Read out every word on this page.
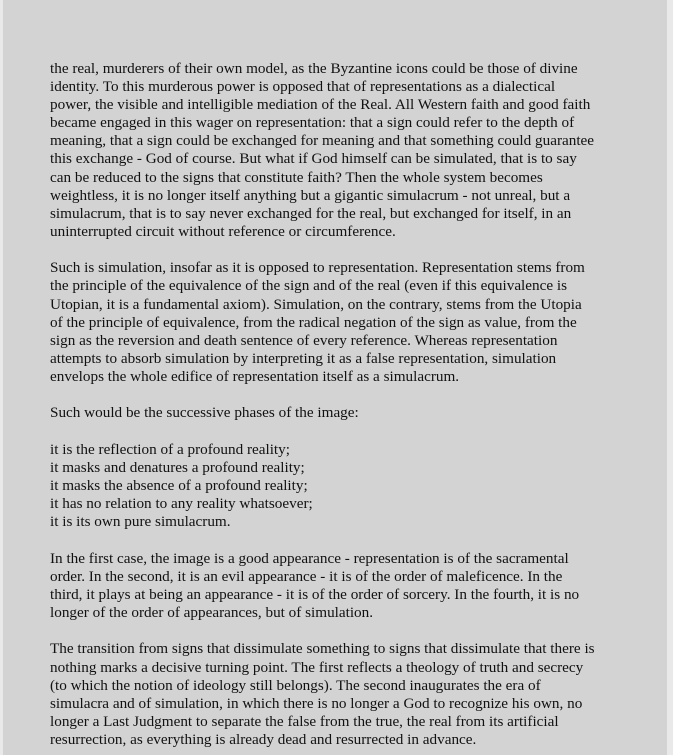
the real, murderers of their own model, as the Byzantine icons could be those of divine
identity. To this murderous power is opposed that of representations as a dialectical
power, the visible and intelligible mediation of the Real. All Western faith and good faith
became engaged in this wager on representation: that a sign could refer to the depth of
meaning, that a sign could be exchanged for meaning and that something could guarantee
this exchange - God of course. But what if God himself can be simulated, that is to say
can be reduced to the signs that constitute faith? Then the whole system becomes
weightless, it is no longer itself anything but a gigantic simulacrum - not unreal, but a
simulacrum, that is to say never exchanged for the real, but exchanged for itself, in an
uninterrupted circuit without reference or circumference.

Such is simulation, insofar as it is opposed to representation. Representation stems from
the principle of the equivalence of the sign and of the real (even if this equivalence is
Utopian, it is a fundamental axiom). Simulation, on the contrary, stems from the Utopia
of the principle of equivalence, from the radical negation of the sign as value, from the
sign as the reversion and death sentence of every reference. Whereas representation
attempts to absorb simulation by interpreting it as a false representation, simulation
envelops the whole edifice of representation itself as a simulacrum.

Such would be the successive phases of the image:

it is the reflection of a profound reality;
it masks and denatures a profound reality;
it masks the absence of a profound reality;
it has no relation to any reality whatsoever;
it is its own pure simulacrum.

In the first case, the image is a good appearance - representation is of the sacramental
order. In the second, it is an evil appearance - it is of the order of maleficence. In the
third, it plays at being an appearance - it is of the order of sorcery. In the fourth, it is no
longer of the order of appearances, but of simulation.

The transition from signs that dissimulate something to signs that dissimulate that there is
nothing marks a decisive turning point. The first reflects a theology of truth and secrecy
(to which the notion of ideology still belongs). The second inaugurates the era of
simulacra and of simulation, in which there is no longer a God to recognize his own, no
longer a Last Judgment to separate the false from the true, the real from its artificial
resurrection, as everything is already dead and resurrected in advance.
